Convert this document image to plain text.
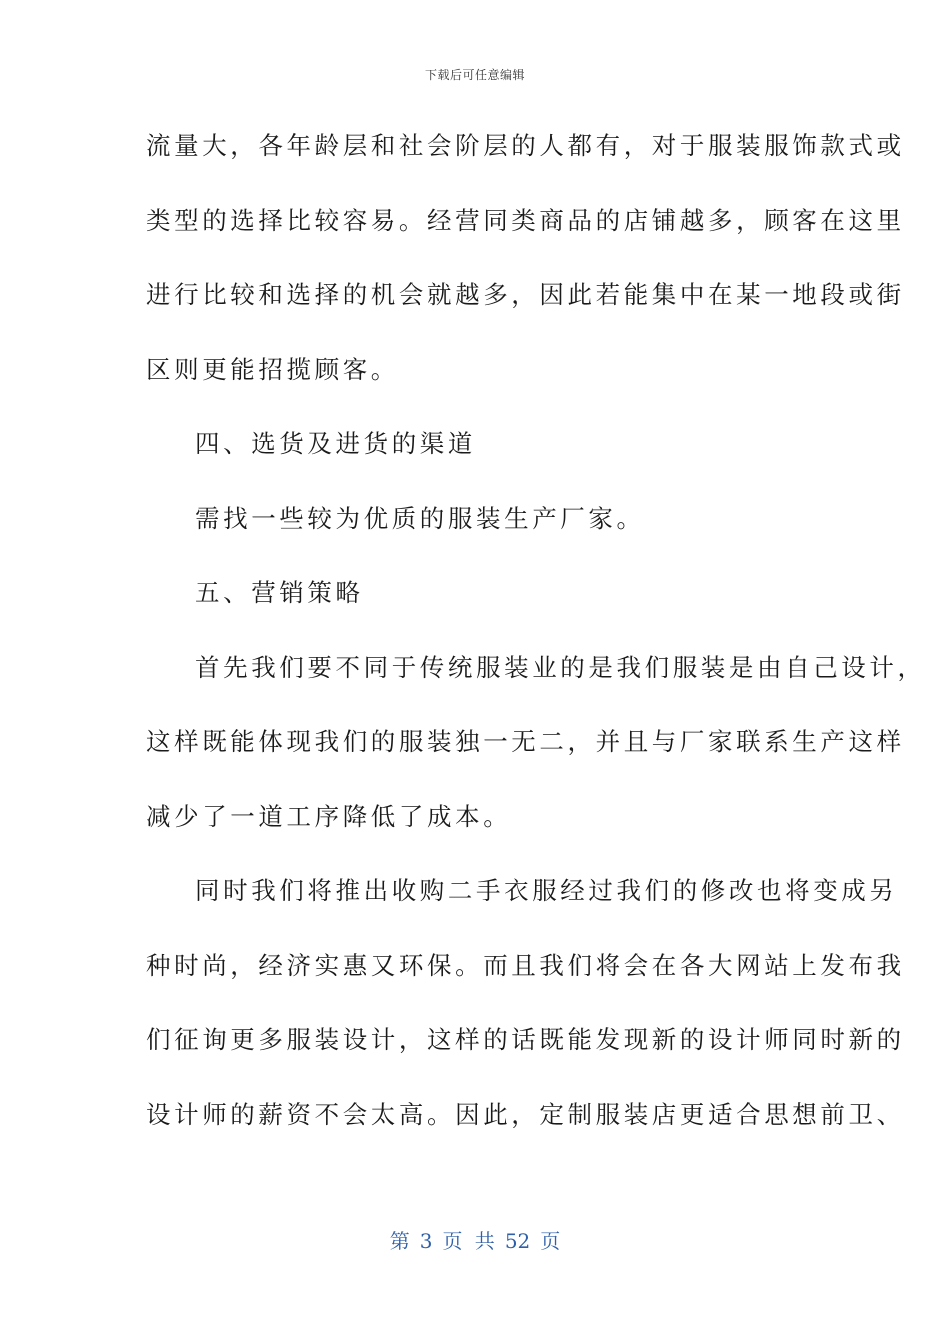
下载后可任意编辑
流量大，各年龄层和社会阶层的人都有，对于服装服饰款式或
类型的选择比较容易。经营同类商品的店铺越多，顾客在这里
进行比较和选择的机会就越多，因此若能集中在某一地段或街
区则更能招揽顾客。
四、选货及进货的渠道
需找一些较为优质的服装生产厂家。
五、营销策略
首先我们要不同于传统服装业的是我们服装是由自己设计，
这样既能体现我们的服装独一无二，并且与厂家联系生产这样
减少了一道工序降低了成本。
同时我们将推出收购二手衣服经过我们的修改也将变成另
种时尚，经济实惠又环保。而且我们将会在各大网站上发布我
们征询更多服装设计，这样的话既能发现新的设计师同时新的
设计师的薪资不会太高。因此，定制服装店更适合思想前卫、
第 3 页 共 52 页
